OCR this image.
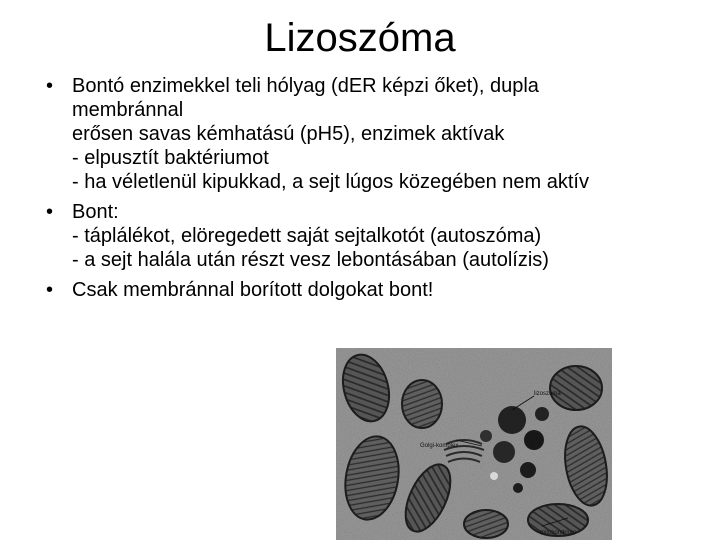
Lizoszóma
• Bontó enzimekkel teli hólyag (dER képzi őket), dupla
membránnal
erősen savas kémhatású (pH5), enzimek aktívak
- elpusztít baktériumot
- ha véletlenül kipukkad, a sejt lúgos közegében nem aktív
• Bont:
- táplálékot, elöregedett saját sejtalkotót (autoszóma)
- a sejt halála után részt vesz lebontásában (autolízis)
• Csak membránnal borított dolgokat bont!
lizoszóma
Golgi-komplex
mitokondrium
